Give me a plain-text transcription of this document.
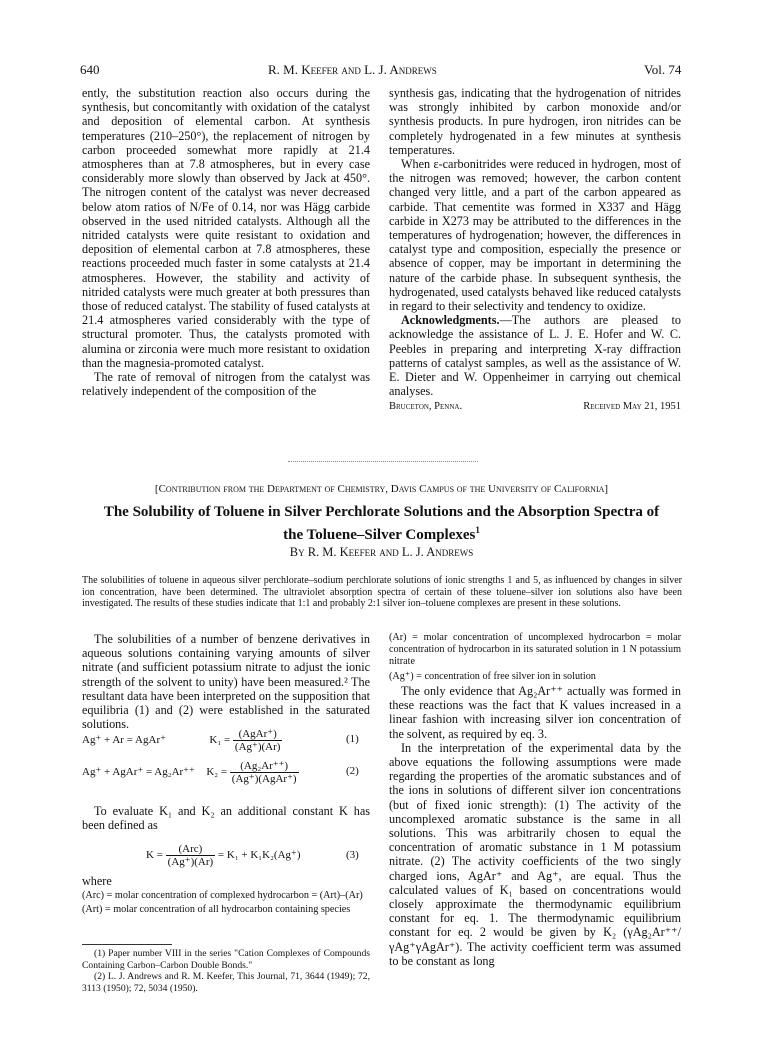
640	R. M. Keefer and L. J. Andrews	Vol. 74

ently, the substitution reaction also occurs during the synthesis, but concomitantly with oxidation of the catalyst and deposition of elemental carbon. At synthesis temperatures (210–250°), the replacement of nitrogen by carbon proceeded somewhat more rapidly at 21.4 atmospheres than at 7.8 atmospheres, but in every case considerably more slowly than observed by Jack at 450°. The nitrogen content of the catalyst was never decreased below atom ratios of N/Fe of 0.14, nor was Hägg carbide observed in the used nitrided catalysts. Although all the nitrided catalysts were quite resistant to oxidation and deposition of elemental carbon at 7.8 atmospheres, these reactions proceeded much faster in some catalysts at 21.4 atmospheres. However, the stability and activity of nitrided catalysts were much greater at both pressures than those of reduced catalyst. The stability of fused catalysts at 21.4 atmospheres varied considerably with the type of structural promoter. Thus, the catalysts promoted with alumina or zirconia were much more resistant to oxidation than the magnesia-promoted catalyst.

The rate of removal of nitrogen from the catalyst was relatively independent of the composition of the

synthesis gas, indicating that the hydrogenation of nitrides was strongly inhibited by carbon monoxide and/or synthesis products. In pure hydrogen, iron nitrides can be completely hydrogenated in a few minutes at synthesis temperatures.

When ε-carbonitrides were reduced in hydrogen, most of the nitrogen was removed; however, the carbon content changed very little, and a part of the carbon appeared as carbide. That cementite was formed in X337 and Hägg carbide in X273 may be attributed to the differences in the temperatures of hydrogenation; however, the differences in catalyst type and composition, especially the presence or absence of copper, may be important in determining the nature of the carbide phase. In subsequent synthesis, the hydrogenated, used catalysts behaved like reduced catalysts in regard to their selectivity and tendency to oxidize.

Acknowledgments.—The authors are pleased to acknowledge the assistance of L. J. E. Hofer and W. C. Peebles in preparing and interpreting X-ray diffraction patterns of catalyst samples, as well as the assistance of W. E. Dieter and W. Oppenheimer in carrying out chemical analyses.

Bruceton, Penna.	Received May 21, 1951
[Contribution from the Department of Chemistry, Davis Campus of the University of California]
The Solubility of Toluene in Silver Perchlorate Solutions and the Absorption Spectra of
the Toluene–Silver Complexes$^1$
By R. M. Keefer and L. J. Andrews
The solubilities of toluene in aqueous silver perchlorate–sodium perchlorate solutions of ionic strengths 1 and 5, as influenced by changes in silver ion concentration, have been determined. The ultraviolet absorption spectra of certain of these toluene–silver ion solutions also have been investigated. The results of these studies indicate that 1:1 and probably 2:1 silver ion–toluene complexes are present in these solutions.

The solubilities of a number of benzene derivatives in aqueous solutions containing varying amounts of silver nitrate (and sufficient potassium nitrate to adjust the ionic strength of the solvent to unity) have been measured.² The resultant data have been interpreted on the supposition that equilibria (1) and (2) were established in the saturated solutions.

Ag⁺ + Ar = AgAr⁺	$K_1 = \frac{\text{(AgAr⁺)}}{(Ag^+)(Ar)}$	(1)
Ag⁺ + AgAr⁺ = Ag₂Ar⁺⁺ $K_2 = \frac{\text{(Ag₂Ar⁺⁺)}}{\text{(Ag⁺)(AgAr⁺)}}$	(2)

To evaluate K₁ and K₂ an additional constant K has been defined as

$K = \frac{\text{(Arc)}}{(Ag^+)(Ar)} = K_1 + K_1K_2(Ag^+)$	(3)
where

(Arc) = molar concentration of complexed hydrocarbon = (Art)–(Ar)

(Art) = molar concentration of all hydrocarbon containing species

(1) Paper number VIII in the series "Cation Complexes of Compounds Containing Carbon–Carbon Double Bonds."

(2) L. J. Andrews and R. M. Keefer, This Journal, 71, 3644 (1949); 72, 3113 (1950); 72, 5034 (1950).

(Ar) = molar concentration of uncomplexed hydrocarbon = molar concentration of hydrocarbon in its saturated solution in 1 N potassium nitrate

(Ag⁺) = concentration of free silver ion in solution

The only evidence that Ag₂Ar⁺⁺ actually was formed in these reactions was the fact that K values increased in a linear fashion with increasing silver ion concentration of the solvent, as required by eq. 3.

In the interpretation of the experimental data by the above equations the following assumptions were made regarding the properties of the aromatic substances and of the ions in solutions of different silver ion concentrations (but of fixed ionic strength): (1) The activity of the uncomplexed aromatic substance is the same in all solutions. This was arbitrarily chosen to equal the concentration of aromatic substance in 1 M potassium nitrate. (2) The activity coefficients of the two singly charged ions, AgAr⁺ and Ag⁺, are equal. Thus the calculated values of K₁ based on concentrations would closely approximate the thermodynamic equilibrium constant for eq. 1. The thermodynamic equilibrium constant for eq. 2 would be given by K₂ (γAg₂Ar⁺⁺/γAg⁺γAgAr⁺). The activity coefficient term was assumed to be constant as long
